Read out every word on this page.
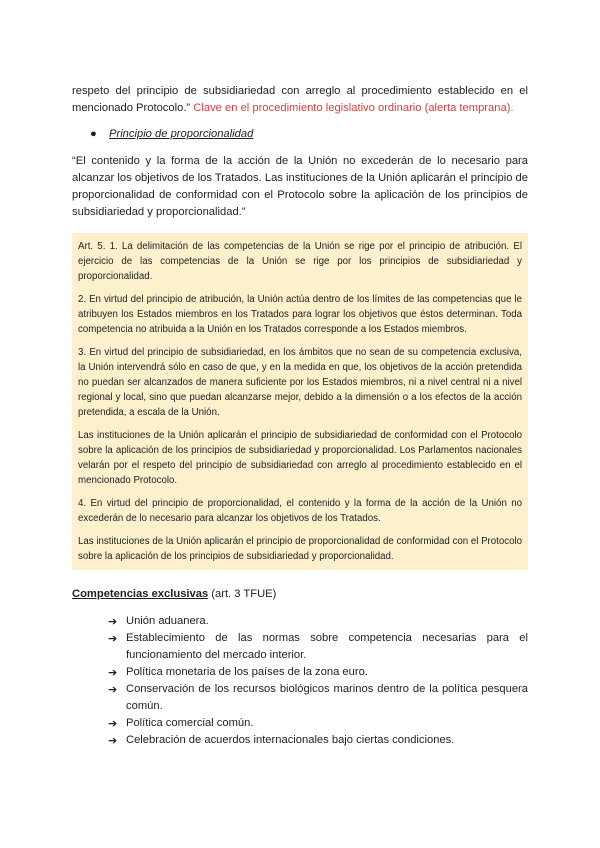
respeto del principio de subsidiariedad con arreglo al procedimiento establecido en el mencionado Protocolo.” Clave en el procedimiento legislativo ordinario (alerta temprana).

● Principio de proporcionalidad

“El contenido y la forma de la acción de la Unión no excederán de lo necesario para alcanzar los objetivos de los Tratados. Las instituciones de la Unión aplicarán el principio de proporcionalidad de conformidad con el Protocolo sobre la aplicación de los principios de subsidiariedad y proporcionalidad.”

Art. 5. 1. La delimitación de las competencias de la Unión se rige por el principio de atribución. El ejercicio de las competencias de la Unión se rige por los principios de subsidiariedad y proporcionalidad.

2. En virtud del principio de atribución, la Unión actúa dentro de los límites de las competencias que le atribuyen los Estados miembros en los Tratados para lograr los objetivos que éstos determinan. Toda competencia no atribuida a la Unión en los Tratados corresponde a los Estados miembros.

3. En virtud del principio de subsidiariedad, en los ámbitos que no sean de su competencia exclusiva, la Unión intervendrá sólo en caso de que, y en la medida en que, los objetivos de la acción pretendida no puedan ser alcanzados de manera suficiente por los Estados miembros, ni a nivel central ni a nivel regional y local, sino que puedan alcanzarse mejor, debido a la dimensión o a los efectos de la acción pretendida, a escala de la Unión.

Las instituciones de la Unión aplicarán el principio de subsidiariedad de conformidad con el Protocolo sobre la aplicación de los principios de subsidiariedad y proporcionalidad. Los Parlamentos nacionales velarán por el respeto del principio de subsidiariedad con arreglo al procedimiento establecido en el mencionado Protocolo.

4. En virtud del principio de proporcionalidad, el contenido y la forma de la acción de la Unión no excederán de lo necesario para alcanzar los objetivos de los Tratados.

Las instituciones de la Unión aplicarán el principio de proporcionalidad de conformidad con el Protocolo sobre la aplicación de los principios de subsidiariedad y proporcionalidad.

Competencias exclusivas (art. 3 TFUE)

➔ Unión aduanera.
➔ Establecimiento de las normas sobre competencia necesarias para el funcionamiento del mercado interior.
➔ Política monetaria de los países de la zona euro.
➔ Conservación de los recursos biológicos marinos dentro de la política pesquera común.
➔ Política comercial común.
➔ Celebración de acuerdos internacionales bajo ciertas condiciones.
